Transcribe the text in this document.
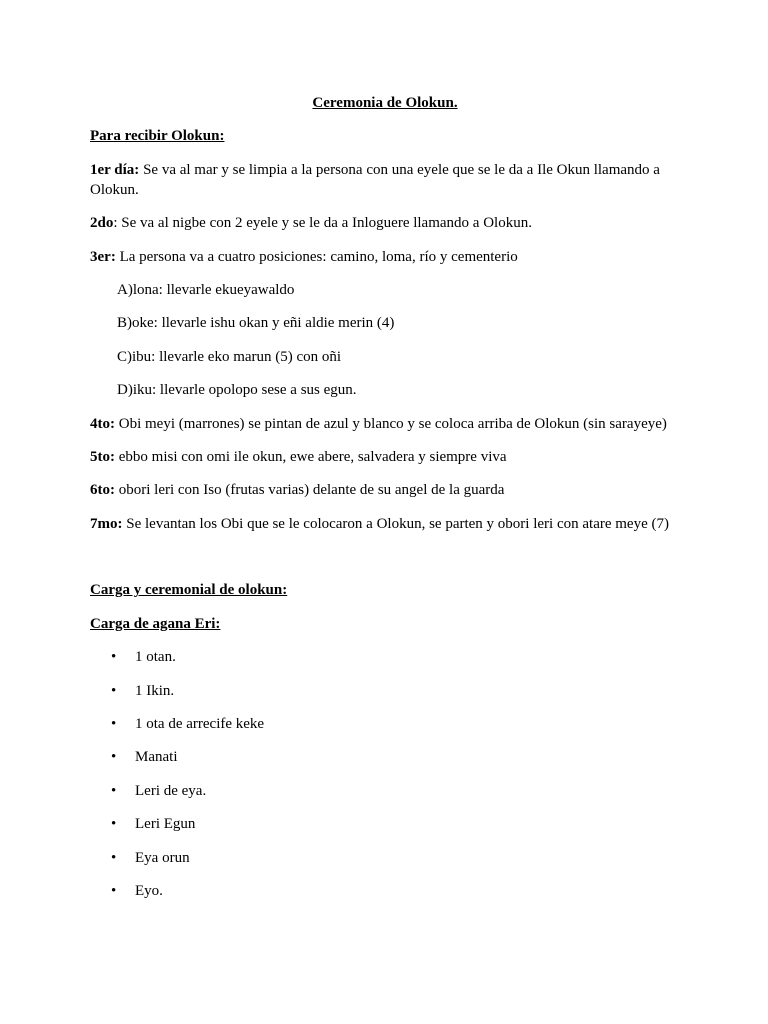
Ceremonia de Olokun.

Para recibir Olokun:

1er día: Se va al mar y se limpia a la persona con una eyele que se le da a Ile Okun llamando a Olokun.

2do: Se va al nigbe con 2 eyele y se le da a Inloguere llamando a Olokun.

3er: La persona va a cuatro posiciones: camino, loma, río y cementerio

A)lona: llevarle ekueyawaldo

B)oke: llevarle ishu okan y eñi aldie merin (4)

C)ibu: llevarle eko marun (5) con oñi

D)iku: llevarle opolopo sese a sus egun.

4to: Obi meyi (marrones) se pintan de azul y blanco y se coloca arriba de Olokun (sin sarayeye)

5to: ebbo misi con omi ile okun, ewe abere, salvadera y siempre viva

6to: obori leri con Iso (frutas varias) delante de su angel de la guarda

7mo: Se levantan los Obi que se le colocaron a Olokun, se parten y obori leri con atare meye (7)

Carga y ceremonial de olokun:

Carga de agana Eri:

• 1 otan.
• 1 Ikin.
• 1 ota de arrecife keke
• Manati
• Leri de eya.
• Leri Egun
• Eya orun
• Eyo.
